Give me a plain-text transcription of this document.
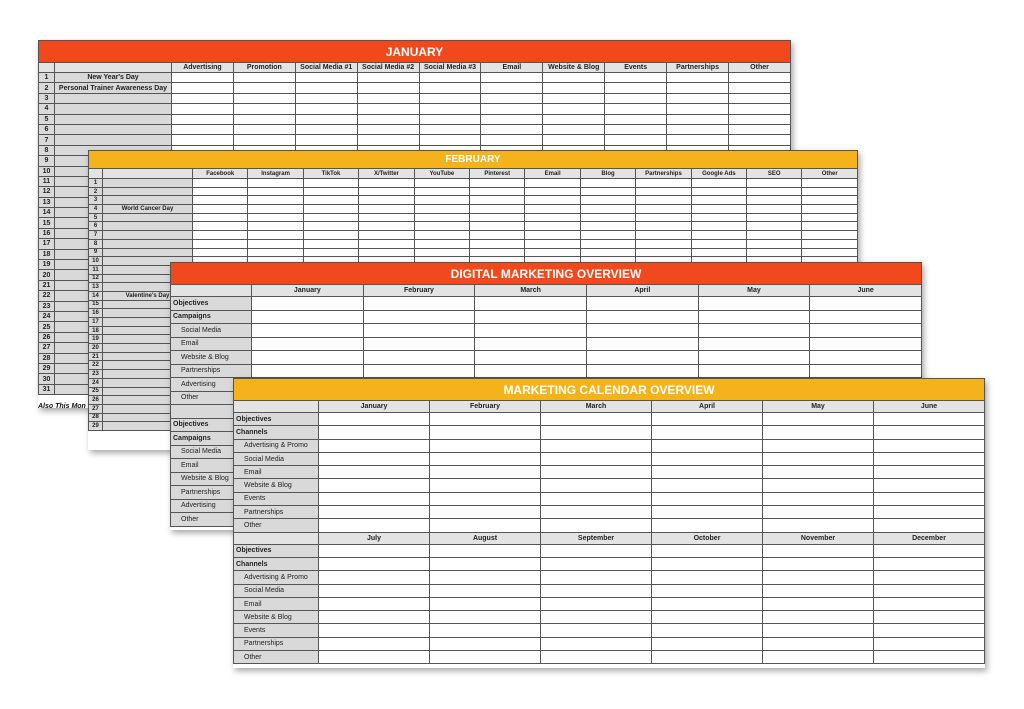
JANUARY											
		Advertising	Promotion	Social Media #1	Social Media #2	Social Media #3	Email	Website & Blog	Events	Partnerships	Other
1	New Year's Day										
2	Personal Trainer Awareness Day										
3											
4											
5											
6											
7											
8											
9											
10											
11											
12											
13											
14											
15											
16											
17											
18											
19											
20											
21											
22											
23											
24											
25											
26											
27											
28											
29											
30											
31											
Also This Mon
FEBRUARY													
		Facebook	Instagram	TikTok	X/Twitter	YouTube	Pinterest	Email	Blog	Partnerships	Google Ads	SEO	Other
1													
2													
3													
4	World Cancer Day												
5													
6													
7													
8													
9													
10													
11													
12													
13													
14	Valentine's Day												
15													
16													
17													
18													
19													
20													
21													
22													
23													
24													
25													
26													
27													
28													
29													
DIGITAL MARKETING OVERVIEW						
	January	February	March	April	May	June
Objectives						
Campaigns						
Social Media						
Email						
Website & Blog						
Partnerships						
Advertising						
Other						

Objectives						
Campaigns						
Social Media						
Email						
Website & Blog						
Partnerships						
Advertising						
Other						
MARKETING CALENDAR OVERVIEW						
	January	February	March	April	May	June
Objectives						
Channels						
Advertising & Promo						
Social Media						
Email						
Website & Blog						
Events						
Partnerships						
Other						
	July	August	September	October	November	December
Objectives						
Channels						
Advertising & Promo						
Social Media						
Email						
Website & Blog						
Events						
Partnerships						
Other						
